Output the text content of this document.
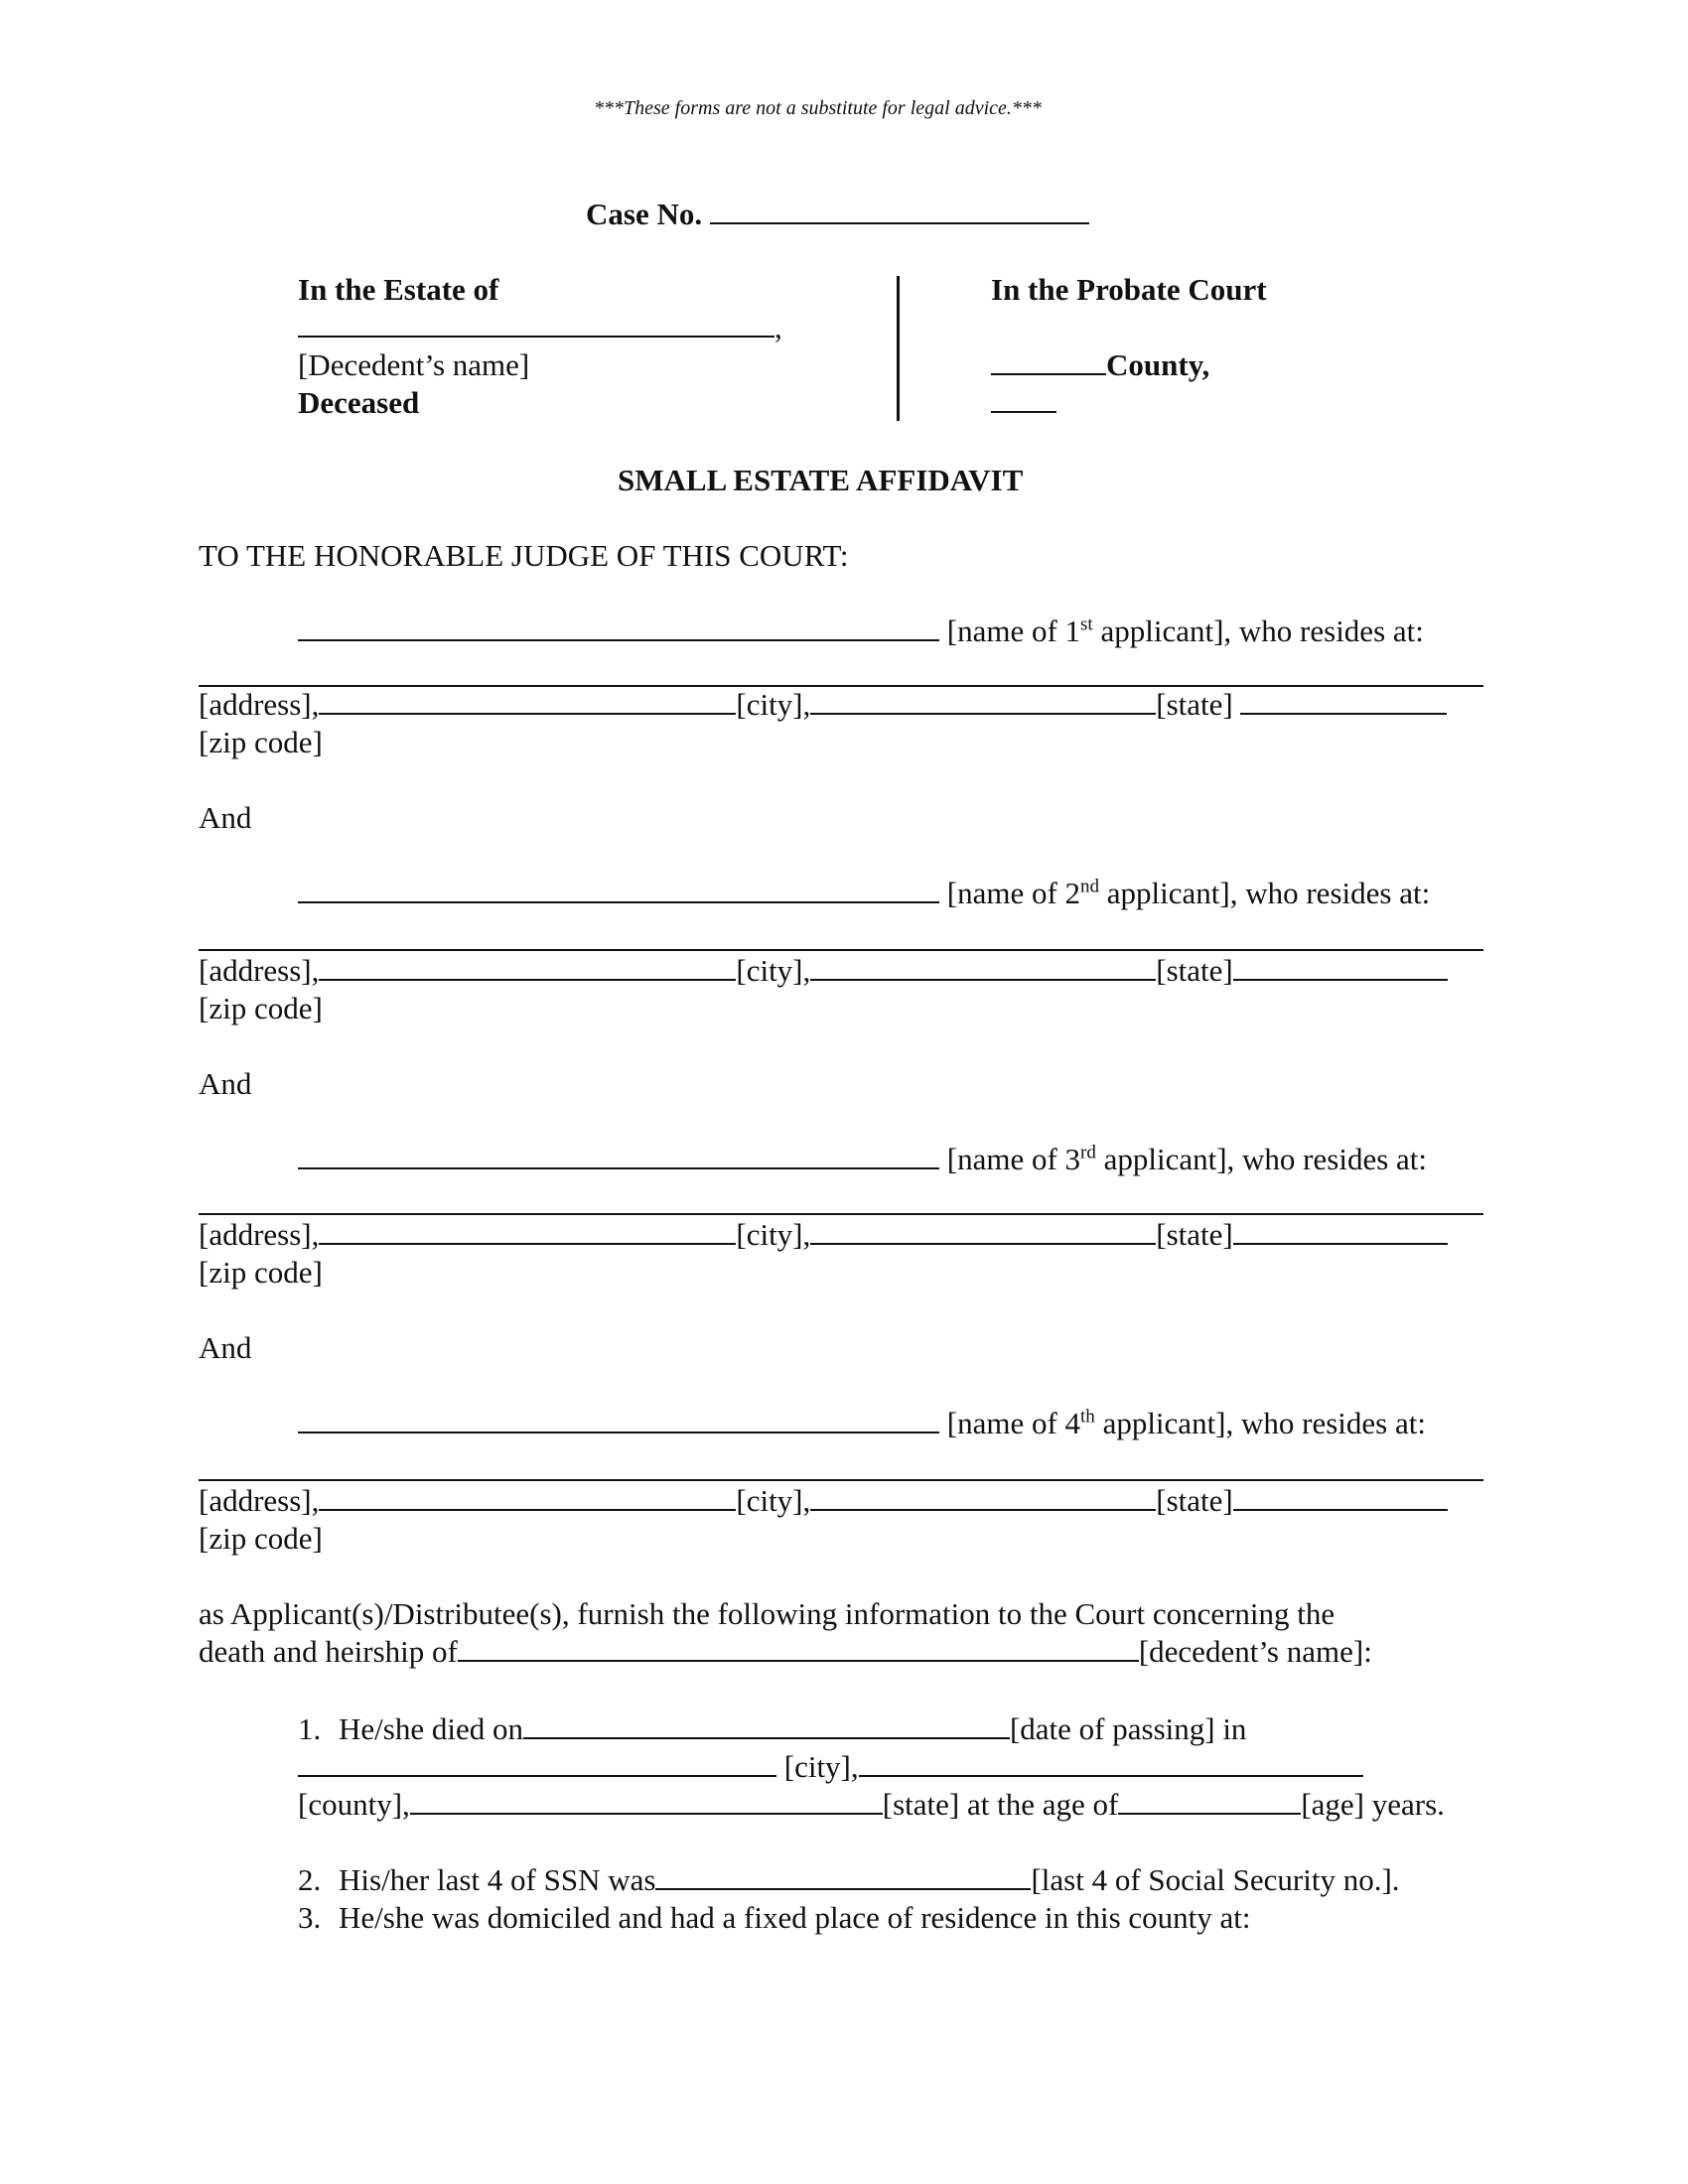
***These forms are not a substitute for legal advice.***
Case No.
In the Estate of
,
[Decedent’s name]
Deceased
In the Probate Court
County,
SMALL ESTATE AFFIDAVIT
TO THE HONORABLE JUDGE OF THIS COURT:
[name of 1st applicant], who resides at:
[address],	[city],	[state]
[zip code]
And
[name of 2nd applicant], who resides at:
[address],	[city],	[state]
[zip code]
And
[name of 3rd applicant], who resides at:
[address],	[city],	[state]
[zip code]
And
[name of 4th applicant], who resides at:
[address],	[city],	[state]
[zip code]
as Applicant(s)/Distributee(s), furnish the following information to the Court concerning the
death and heirship of	[decedent’s name]:
1. He/she died on	[date of passing] in
[city],
[county],	[state] at the age of	[age] years.
2. His/her last 4 of SSN was	[last 4 of Social Security no.].
3. He/she was domiciled and had a fixed place of residence in this county at:
